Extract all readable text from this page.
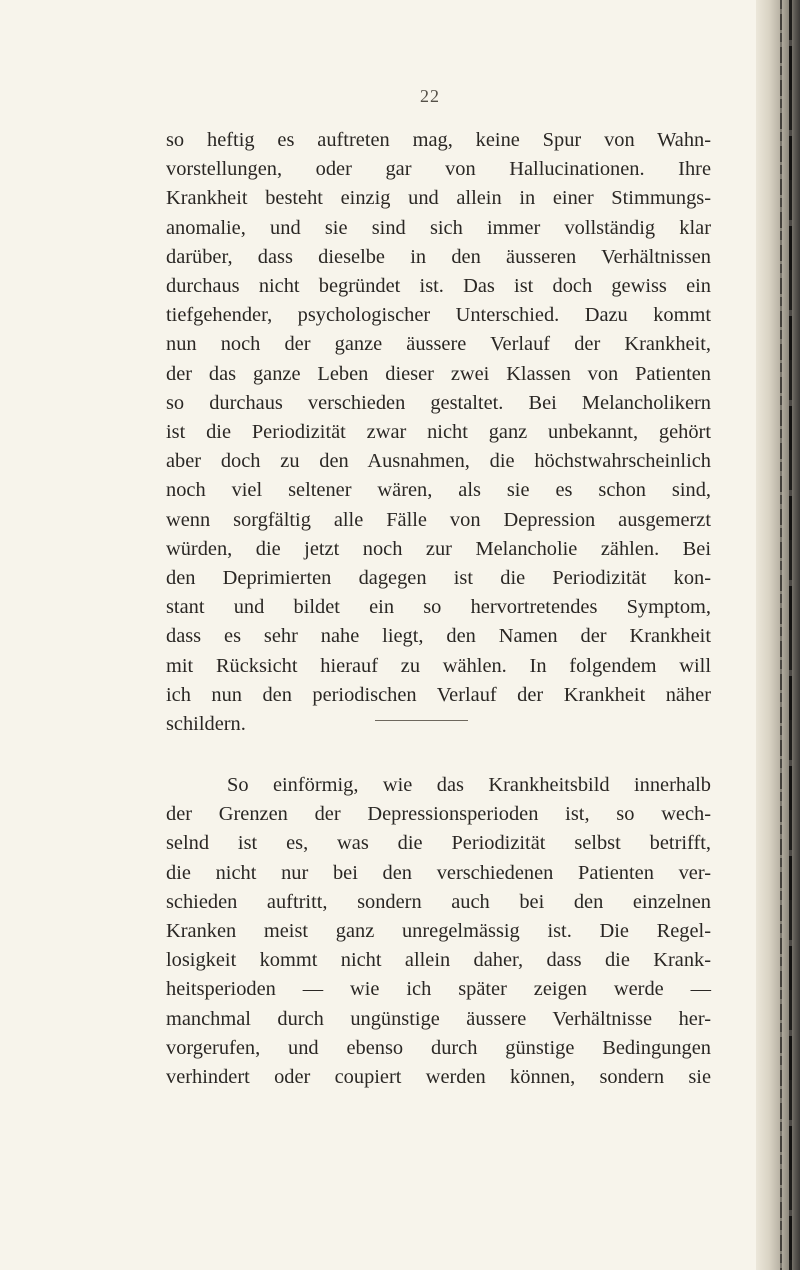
22

so heftig es auftreten mag, keine Spur von Wahn-
vorstellungen, oder gar von Hallucinationen. Ihre
Krankheit besteht einzig und allein in einer Stimmungs-
anomalie, und sie sind sich immer vollständig klar
darüber, dass dieselbe in den äusseren Verhältnissen
durchaus nicht begründet ist. Das ist doch gewiss ein
tiefgehender, psychologischer Unterschied. Dazu kommt
nun noch der ganze äussere Verlauf der Krankheit,
der das ganze Leben dieser zwei Klassen von Patienten
so durchaus verschieden gestaltet. Bei Melancholikern
ist die Periodizität zwar nicht ganz unbekannt, gehört
aber doch zu den Ausnahmen, die höchstwahrscheinlich
noch viel seltener wären, als sie es schon sind,
wenn sorgfältig alle Fälle von Depression ausgemerzt
würden, die jetzt noch zur Melancholie zählen. Bei
den Deprimierten dagegen ist die Periodizität kon-
stant und bildet ein so hervortretendes Symptom,
dass es sehr nahe liegt, den Namen der Krankheit
mit Rücksicht hierauf zu wählen. In folgendem will
ich nun den periodischen Verlauf der Krankheit näher
schildern.

So einförmig, wie das Krankheitsbild innerhalb
der Grenzen der Depressionsperioden ist, so wech-
selnd ist es, was die Periodizität selbst betrifft,
die nicht nur bei den verschiedenen Patienten ver-
schieden auftritt, sondern auch bei den einzelnen
Kranken meist ganz unregelmässig ist. Die Regel-
losigkeit kommt nicht allein daher, dass die Krank-
heitsperioden — wie ich später zeigen werde —
manchmal durch ungünstige äussere Verhältnisse her-
vorgerufen, und ebenso durch günstige Bedingungen
verhindert oder coupiert werden können, sondern sie
